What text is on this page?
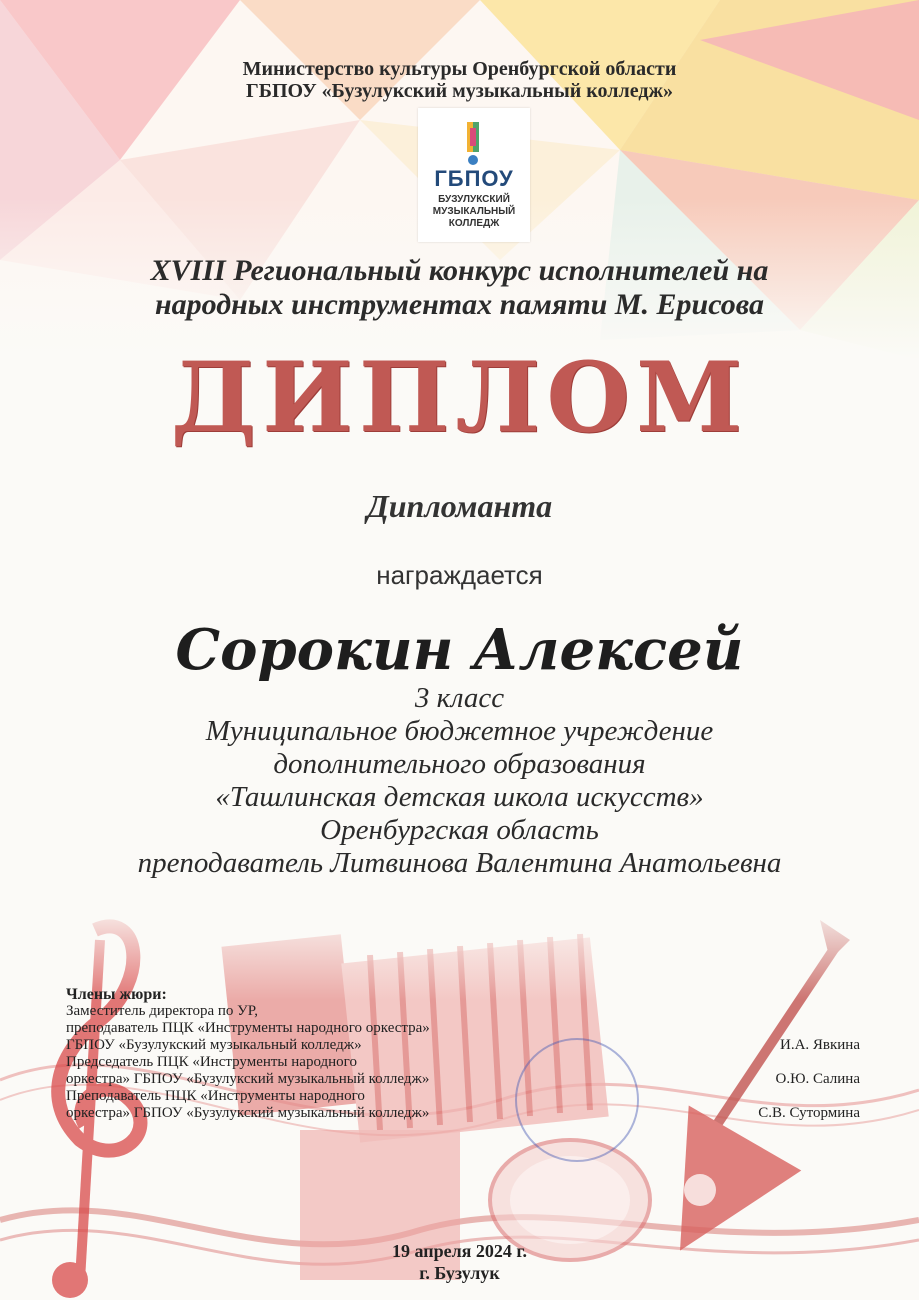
Министерство культуры Оренбургской области
ГБПОУ «Бузулукский музыкальный колледж»
ГБПОУ
БУЗУЛУКСКИЙ
МУЗЫКАЛЬНЫЙ
КОЛЛЕДЖ
XVIII Региональный конкурс исполнителей на
народных инструментах памяти М. Ерисова
ДИПЛОМ
Дипломанта
награждается
Сорокин Алексей
3 класс
Муниципальное бюджетное учреждение
дополнительного образования
«Ташлинская детская школа искусств»
Оренбургская область
преподаватель Литвинова Валентина Анатольевна
Члены жюри:
Заместитель директора по УР,
преподаватель ПЦК «Инструменты народного оркестра»
ГБПОУ «Бузулукский музыкальный колледж»	И.А. Явкина
Председатель ПЦК «Инструменты народного
оркестра» ГБПОУ «Бузулукский музыкальный колледж»	О.Ю. Салина
Преподаватель ПЦК «Инструменты народного
оркестра» ГБПОУ «Бузулукский музыкальный колледж»	С.В. Сутормина
19 апреля 2024 г.
г. Бузулук
